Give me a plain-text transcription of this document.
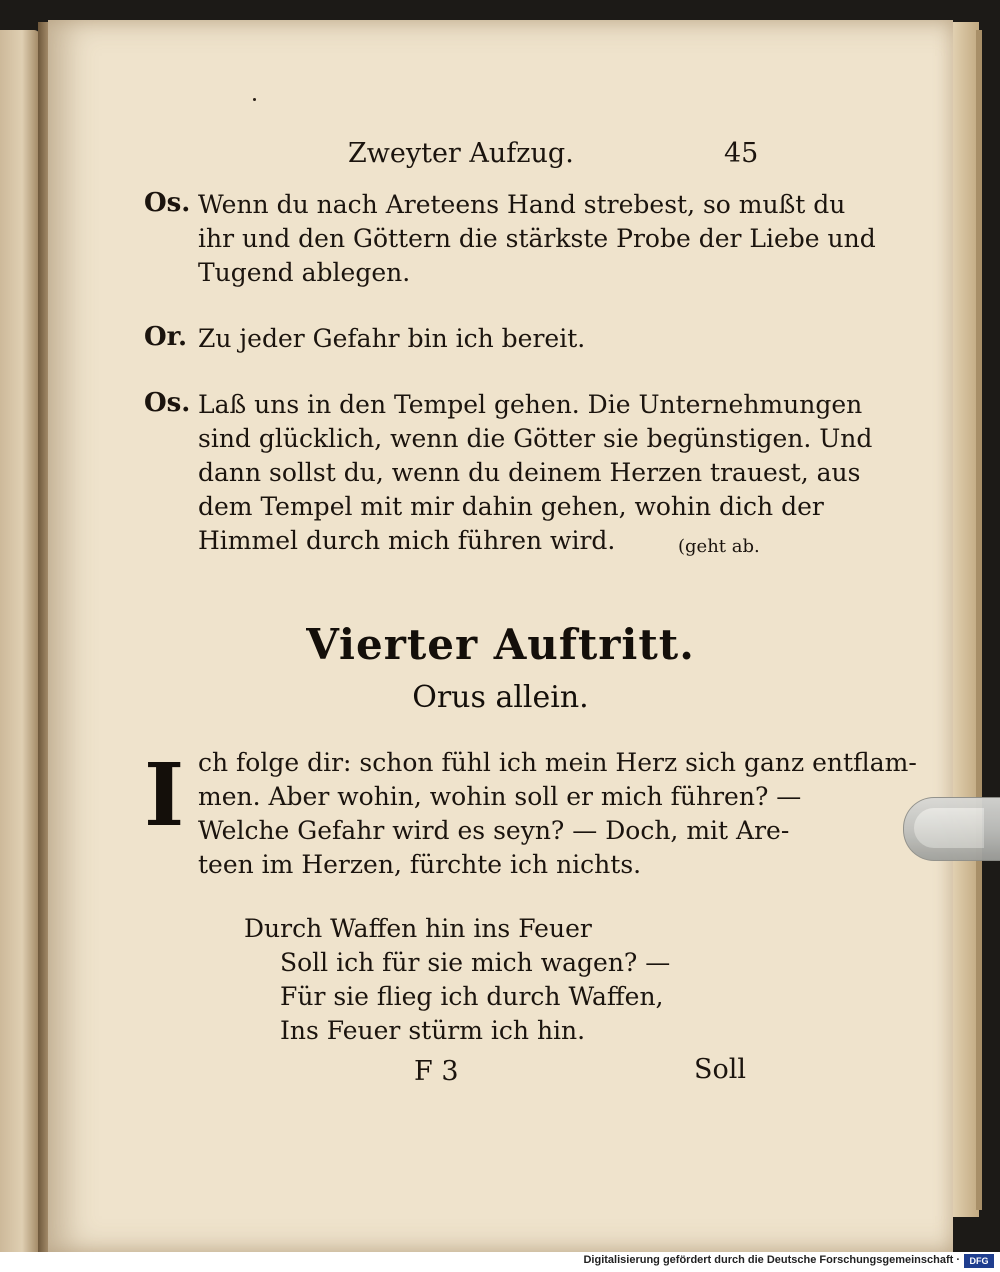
Zweyter Aufzug.	45
Os. Wenn du nach Areteens Hand strebest, so mußt du
ihr und den Göttern die stärkste Probe der Liebe und
Tugend ablegen.
Or. Zu jeder Gefahr bin ich bereit.
Os. Laß uns in den Tempel gehen. Die Unternehmungen
sind glücklich, wenn die Götter sie begünstigen. Und
dann sollst du, wenn du deinem Herzen trauest, aus
dem Tempel mit mir dahin gehen, wohin dich der
Himmel durch mich führen wird.	(geht ab.
Vierter Auftritt.
Orus allein.
I ch folge dir: schon fühl ich mein Herz sich ganz entflam-
men. Aber wohin, wohin soll er mich führen? —
Welche Gefahr wird es seyn? — Doch, mit Are-
teen im Herzen, fürchte ich nichts.
Durch Waffen hin ins Feuer
Soll ich für sie mich wagen? —
Für sie flieg ich durch Waffen,
Ins Feuer stürm ich hin.
F 3	Soll
Digitalisierung gefördert durch die Deutsche Forschungsgemeinschaft ·	DFG
